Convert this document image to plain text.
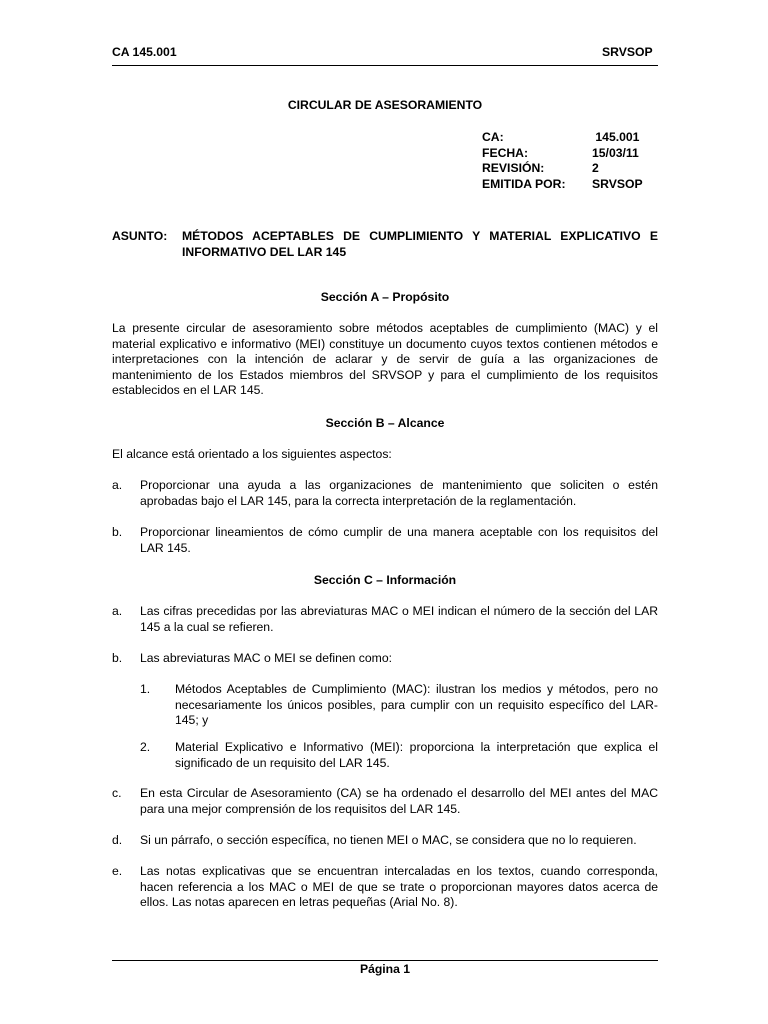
CA 145.001	SRVSOP
CIRCULAR DE ASESORAMIENTO
CA:	145.001
FECHA:	15/03/11
REVISIÓN:	2
EMITIDA POR: SRVSOP
ASUNTO: MÉTODOS ACEPTABLES DE CUMPLIMIENTO Y MATERIAL EXPLICATIVO E INFORMATIVO DEL LAR 145
Sección A – Propósito
La presente circular de asesoramiento sobre métodos aceptables de cumplimiento (MAC) y el material explicativo e informativo (MEI) constituye un documento cuyos textos contienen métodos e interpretaciones con la intención de aclarar y de servir de guía a las organizaciones de mantenimiento de los Estados miembros del SRVSOP y para el cumplimiento de los requisitos establecidos en el LAR 145.
Sección B – Alcance
El alcance está orientado a los siguientes aspectos:
a. Proporcionar una ayuda a las organizaciones de mantenimiento que soliciten o estén aprobadas bajo el LAR 145, para la correcta interpretación de la reglamentación.
b. Proporcionar lineamientos de cómo cumplir de una manera aceptable con los requisitos del LAR 145.
Sección C – Información
a. Las cifras precedidas por las abreviaturas MAC o MEI indican el número de la sección del LAR 145 a la cual se refieren.
b. Las abreviaturas MAC o MEI se definen como:
1. Métodos Aceptables de Cumplimiento (MAC): ilustran los medios y métodos, pero no necesariamente los únicos posibles, para cumplir con un requisito específico del LAR-145; y
2. Material Explicativo e Informativo (MEI): proporciona la interpretación que explica el significado de un requisito del LAR 145.
c. En esta Circular de Asesoramiento (CA) se ha ordenado el desarrollo del MEI antes del MAC para una mejor comprensión de los requisitos del LAR 145.
d. Si un párrafo, o sección específica, no tienen MEI o MAC, se considera que no lo requieren.
e. Las notas explicativas que se encuentran intercaladas en los textos, cuando corresponda, hacen referencia a los MAC o MEI de que se trate o proporcionan mayores datos acerca de ellos. Las notas aparecen en letras pequeñas (Arial No. 8).
Página 1
